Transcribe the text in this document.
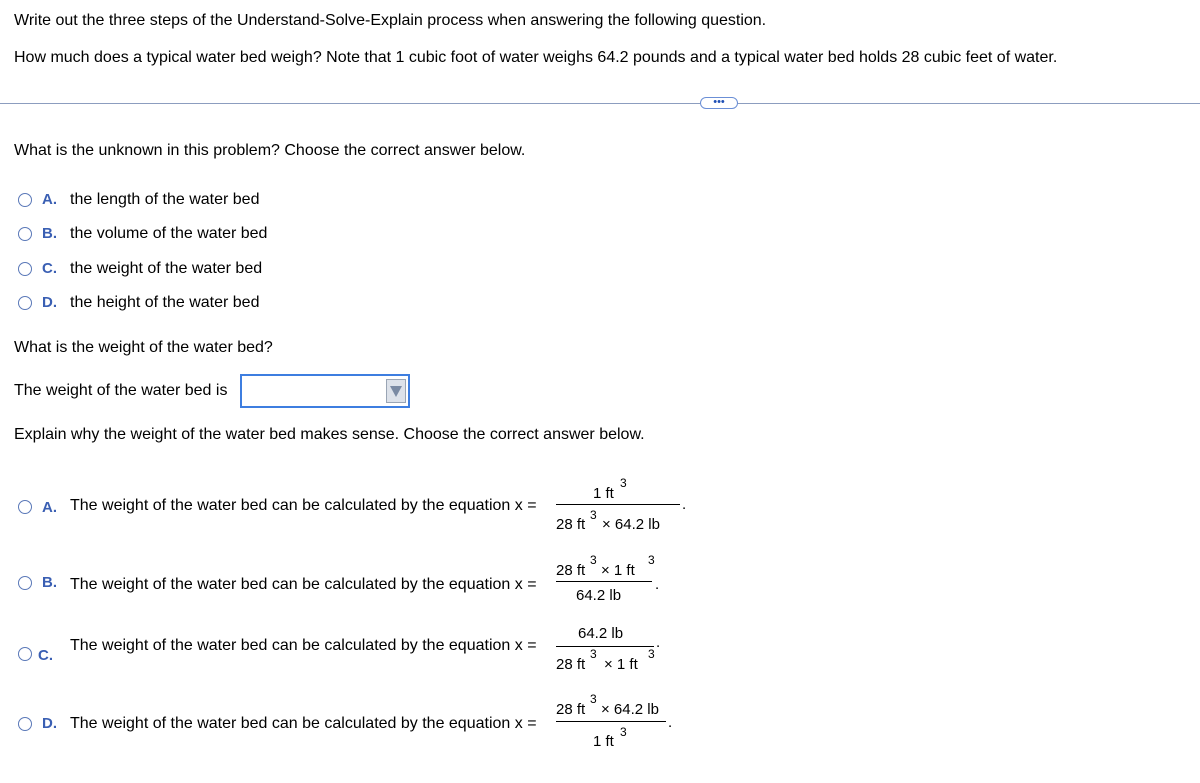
Write out the three steps of the Understand-Solve-Explain process when answering the following question.
How much does a typical water bed weigh? Note that 1 cubic foot of water weighs 64.2 pounds and a typical water bed holds 28 cubic feet of water.
•••
What is the unknown in this problem? Choose the correct answer below.
A. the length of the water bed
B. the volume of the water bed
C. the weight of the water bed
D. the height of the water bed
What is the weight of the water bed?
The weight of the water bed is
Explain why the weight of the water bed makes sense. Choose the correct answer below.
A. The weight of the water bed can be calculated by the equation x =
1 ft
3
28 ft
3
× 64.2 lb
.
B. The weight of the water bed can be calculated by the equation x =
28 ft
3
× 1 ft
3
64.2 lb
.
C.
The weight of the water bed can be calculated by the equation x =
64.2 lb
28 ft
3
× 1 ft
3
.
D. The weight of the water bed can be calculated by the equation x =
28 ft
3
× 64.2 lb
1 ft
3
.
